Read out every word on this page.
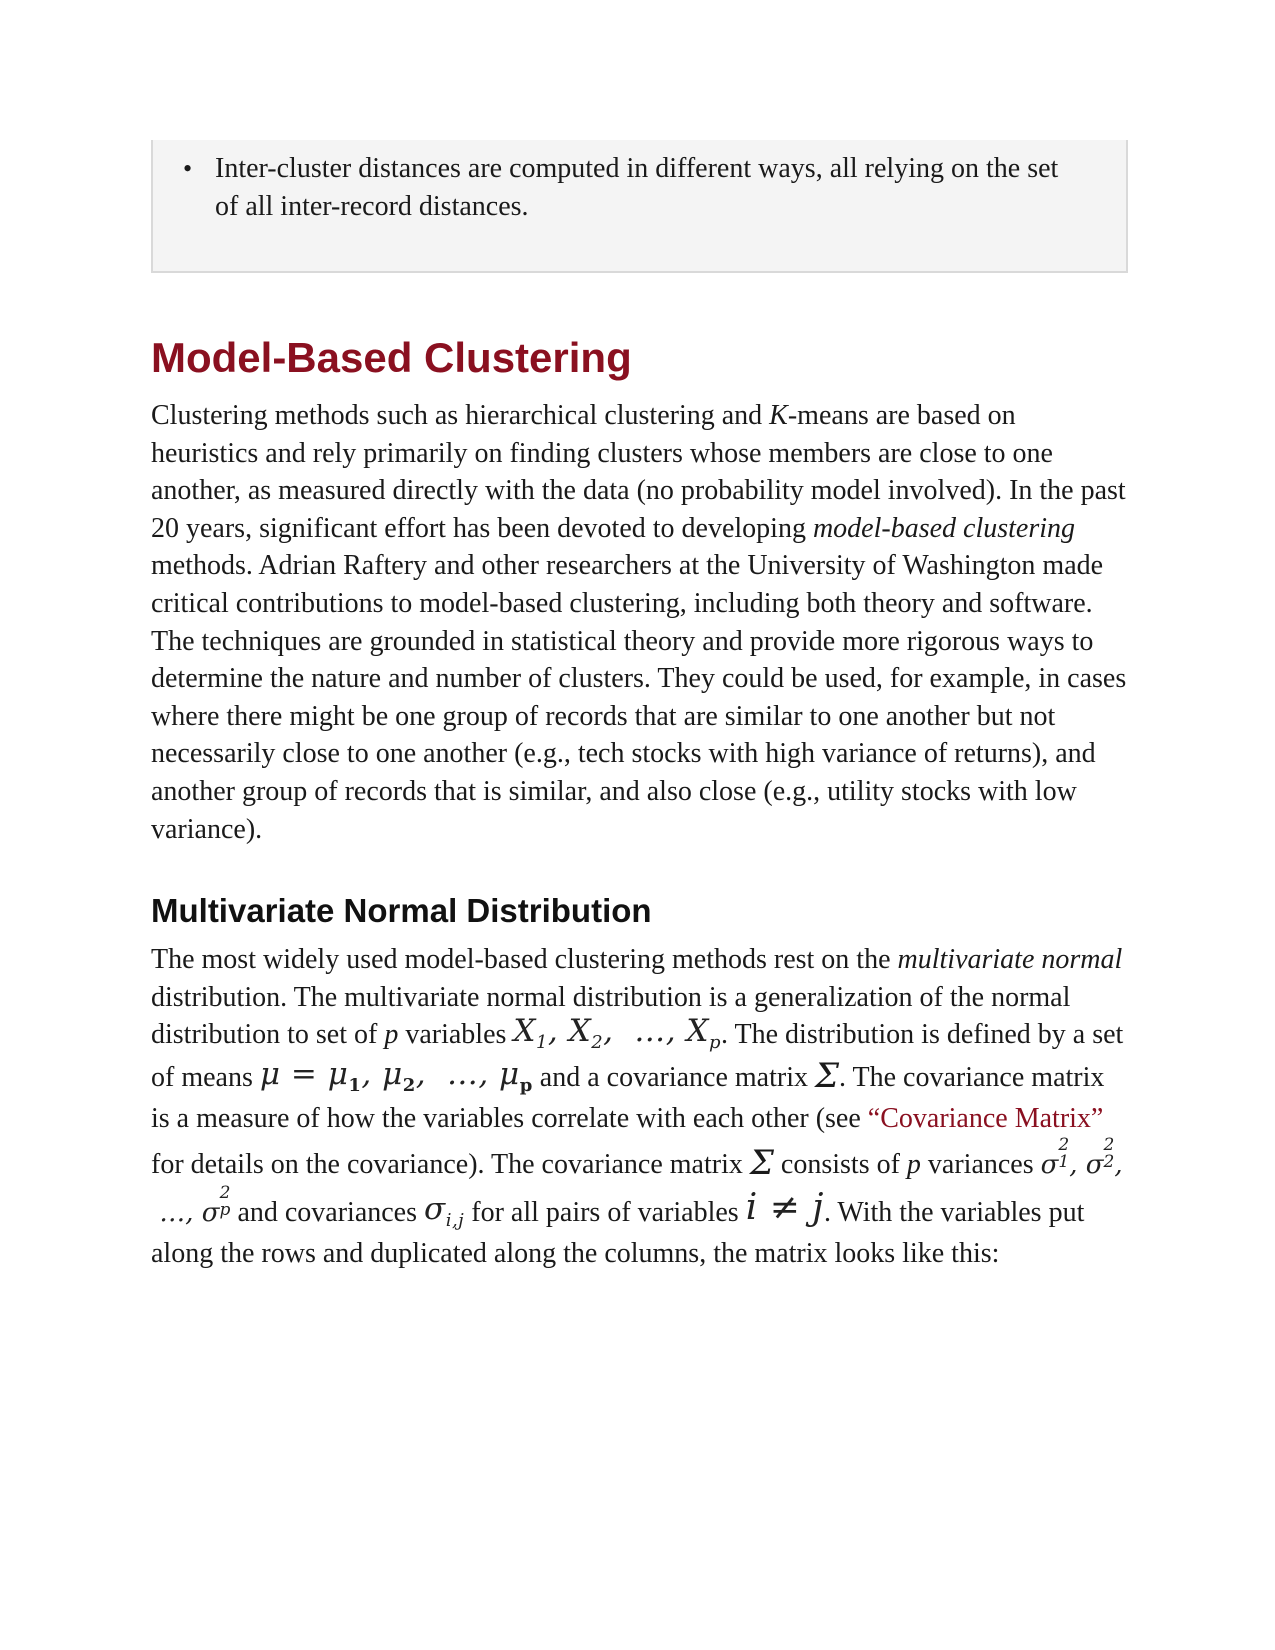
• Inter-cluster distances are computed in different ways, all relying on the set of all inter-record distances.
Model-Based Clustering

Clustering methods such as hierarchical clustering and K-means are based on heuristics and rely primarily on finding clusters whose members are close to one another, as measured directly with the data (no probability model involved). In the past 20 years, significant effort has been devoted to developing model-based clustering methods. Adrian Raftery and other researchers at the University of Washington made critical contributions to model-based clustering, including both theory and software. The techniques are grounded in statistical theory and provide more rigorous ways to determine the nature and number of clusters. They could be used, for example, in cases where there might be one group of records that are similar to one another but not necessarily close to one another (e.g., tech stocks with high variance of returns), and another group of records that is similar, and also close (e.g., utility stocks with low variance).

Multivariate Normal Distribution

The most widely used model-based clustering methods rest on the multivariate normal distribution. The multivariate normal distribution is a generalization of the normal distribution to set of p variables $X_1$, $X_2$,  …, $X_p$. The distribution is defined by a set of means $\mu = \mu_1$, $\mu_2$,  …, $\mu_p$ and a covariance matrix Σ. The covariance matrix is a measure of how the variables correlate with each other (see “Covariance Matrix” for details on the covariance). The covariance matrix Σ consists of p variances σ
2
1 , σ
2
2 ,  …, σ
2
p and covariances $\sigma_{i,j}$ for all pairs of variables i ≠ j. With the variables put along the rows and duplicated along the columns, the matrix looks like this:
